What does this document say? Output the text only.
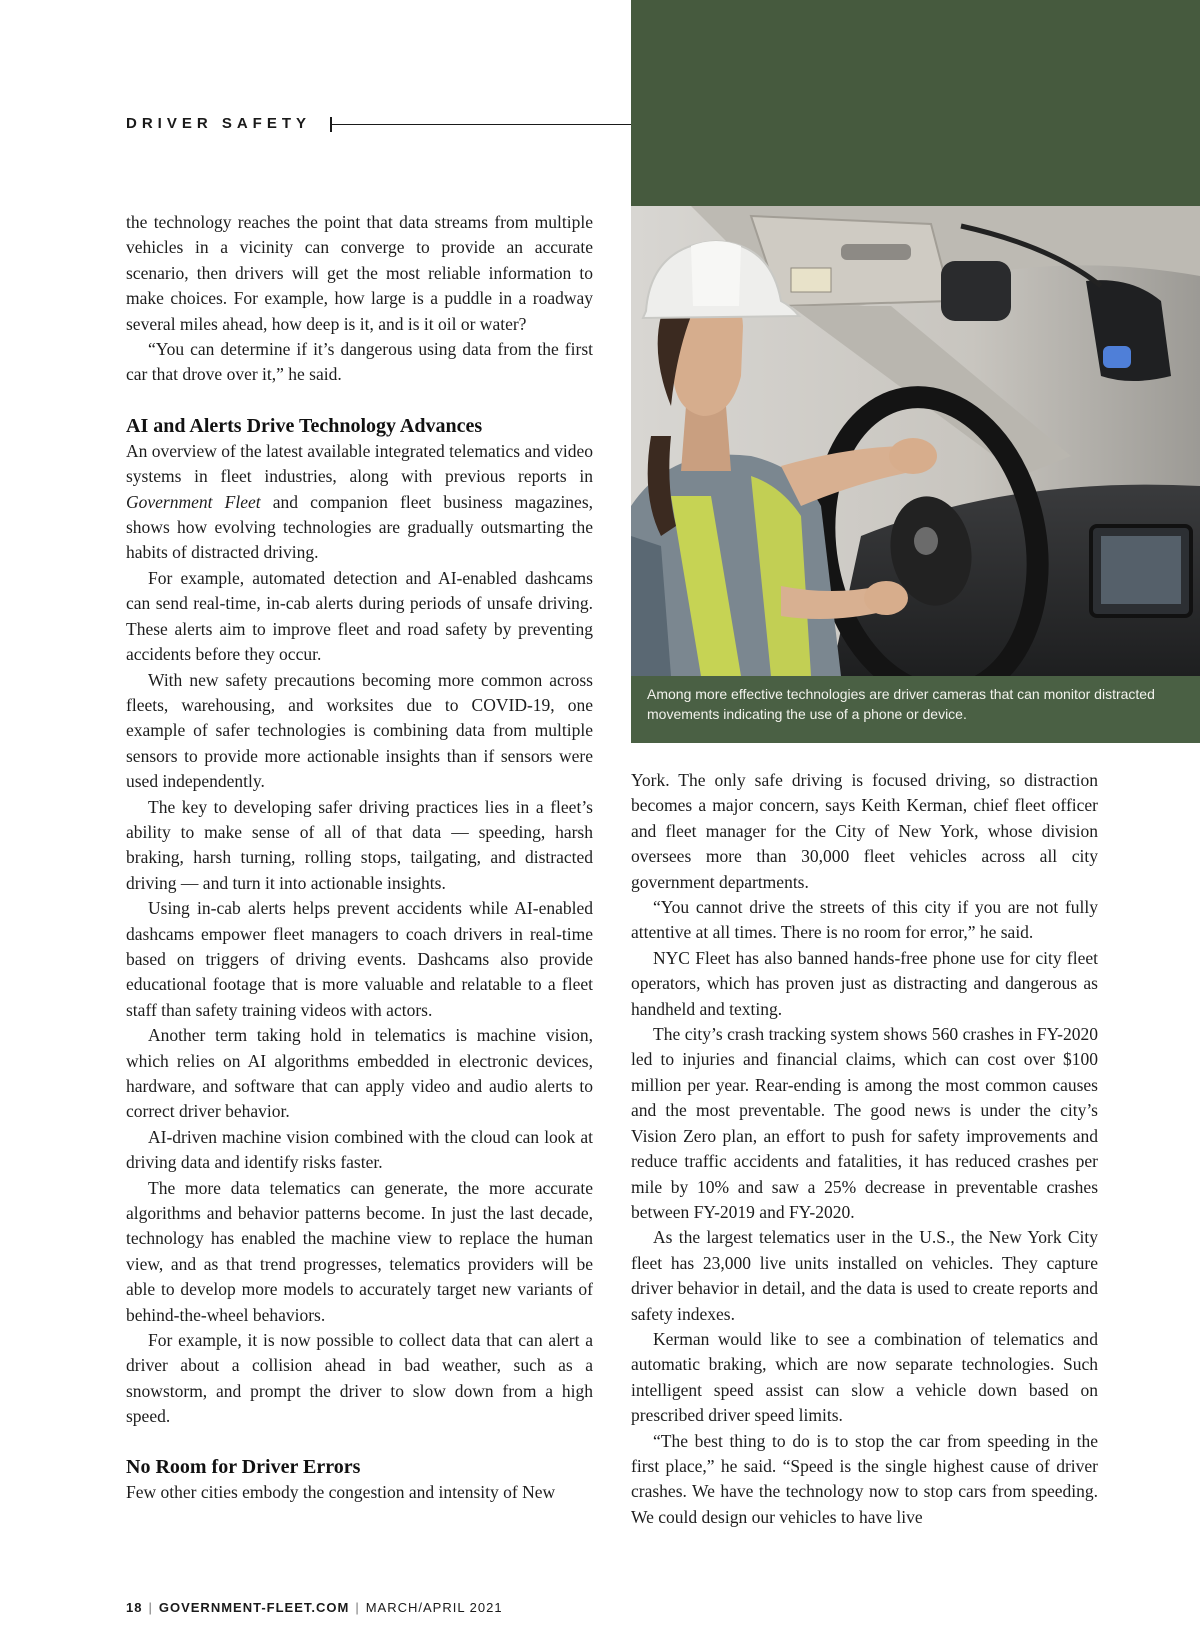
DRIVER SAFETY
Among more effective technologies are driver cameras that can monitor distracted movements indicating the use of a phone or device.

the technology reaches the point that data streams from multiple vehicles in a vicinity can converge to provide an accurate scenario, then drivers will get the most reliable information to make choices. For example, how large is a puddle in a roadway several miles ahead, how deep is it, and is it oil or water?

“You can determine if it’s dangerous using data from the first car that drove over it,” he said.

AI and Alerts Drive Technology Advances

An overview of the latest available integrated telematics and video systems in fleet industries, along with previous reports in Government Fleet and companion fleet business magazines, shows how evolving technologies are gradually outsmarting the habits of distracted driving.

For example, automated detection and AI-enabled dashcams can send real-time, in-cab alerts during periods of unsafe driving. These alerts aim to improve fleet and road safety by preventing accidents before they occur.

With new safety precautions becoming more common across fleets, warehousing, and worksites due to COVID-19, one example of safer technologies is combining data from multiple sensors to provide more actionable insights than if sensors were used independently.

The key to developing safer driving practices lies in a fleet’s ability to make sense of all of that data — speeding, harsh braking, harsh turning, rolling stops, tailgating, and distracted driving — and turn it into actionable insights.

Using in-cab alerts helps prevent accidents while AI-enabled dashcams empower fleet managers to coach drivers in real-time based on triggers of driving events. Dashcams also provide educational footage that is more valuable and relatable to a fleet staff than safety training videos with actors.

Another term taking hold in telematics is machine vision, which relies on AI algorithms embedded in electronic devices, hardware, and software that can apply video and audio alerts to correct driver behavior.

AI-driven machine vision combined with the cloud can look at driving data and identify risks faster.

The more data telematics can generate, the more accurate algorithms and behavior patterns become. In just the last decade, technology has enabled the machine view to replace the human view, and as that trend progresses, telematics providers will be able to develop more models to accurately target new variants of behind-the-wheel behaviors.

For example, it is now possible to collect data that can alert a driver about a collision ahead in bad weather, such as a snowstorm, and prompt the driver to slow down from a high speed.

No Room for Driver Errors

Few other cities embody the congestion and intensity of New

York. The only safe driving is focused driving, so distraction becomes a major concern, says Keith Kerman, chief fleet officer and fleet manager for the City of New York, whose division oversees more than 30,000 fleet vehicles across all city government departments.

“You cannot drive the streets of this city if you are not fully attentive at all times. There is no room for error,” he said.

NYC Fleet has also banned hands-free phone use for city fleet operators, which has proven just as distracting and dangerous as handheld and texting.

The city’s crash tracking system shows 560 crashes in FY-2020 led to injuries and financial claims, which can cost over $100 million per year. Rear-ending is among the most common causes and the most preventable. The good news is under the city’s Vision Zero plan, an effort to push for safety improvements and reduce traffic accidents and fatalities, it has reduced crashes per mile by 10% and saw a 25% decrease in preventable crashes between FY-2019 and FY-2020.

As the largest telematics user in the U.S., the New York City fleet has 23,000 live units installed on vehicles. They capture driver behavior in detail, and the data is used to create reports and safety indexes.

Kerman would like to see a combination of telematics and automatic braking, which are now separate technologies. Such intelligent speed assist can slow a vehicle down based on prescribed driver speed limits.

“The best thing to do is to stop the car from speeding in the first place,” he said. “Speed is the single highest cause of driver crashes. We have the technology now to stop cars from speeding. We could design our vehicles to have live

18 | GOVERNMENT-FLEET.COM | MARCH/APRIL 2021
